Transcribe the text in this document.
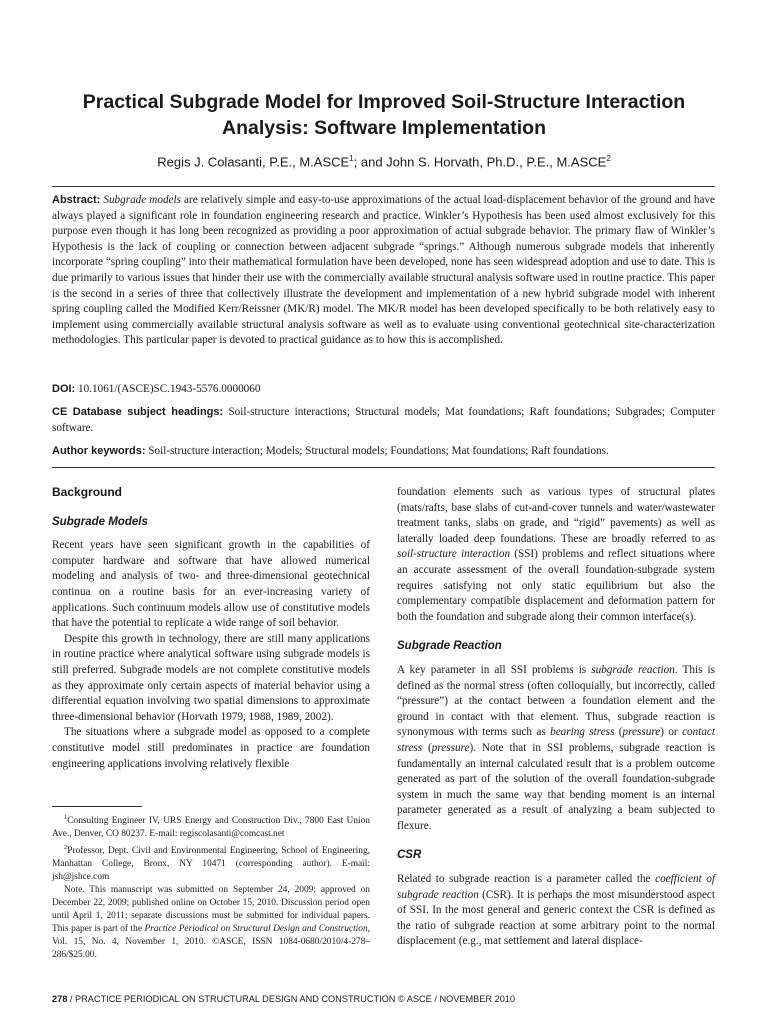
Practical Subgrade Model for Improved Soil-Structure Interaction Analysis: Software Implementation
Regis J. Colasanti, P.E., M.ASCE$^1$; and John S. Horvath, Ph.D., P.E., M.ASCE$^2$
Abstract: Subgrade models are relatively simple and easy-to-use approximations of the actual load-displacement behavior of the ground and have always played a significant role in foundation engineering research and practice. Winkler’s Hypothesis has been used almost exclusively for this purpose even though it has long been recognized as providing a poor approximation of actual subgrade behavior. The primary flaw of Winkler’s Hypothesis is the lack of coupling or connection between adjacent subgrade “springs.” Although numerous subgrade models that inherently incorporate “spring coupling” into their mathematical formulation have been developed, none has seen widespread adoption and use to date. This is due primarily to various issues that hinder their use with the commercially available structural analysis software used in routine practice. This paper is the second in a series of three that collectively illustrate the development and implementation of a new hybrid subgrade model with inherent spring coupling called the Modified Kerr/Reissner (MK/R) model. The MK/R model has been developed specifically to be both relatively easy to implement using commercially available structural analysis software as well as to evaluate using conventional geotechnical site-characterization methodologies. This particular paper is devoted to practical guidance as to how this is accomplished.
DOI: 10.1061/(ASCE)SC.1943-5576.0000060
CE Database subject headings: Soil-structure interactions; Structural models; Mat foundations; Raft foundations; Subgrades; Computer software.
Author keywords: Soil-structure interaction; Models; Structural models; Foundations; Mat foundations; Raft foundations.
Background
Subgrade Models

Recent years have seen significant growth in the capabilities of computer hardware and software that have allowed numerical modeling and analysis of two- and three-dimensional geotechnical continua on a routine basis for an ever-increasing variety of applications. Such continuum models allow use of constitutive models that have the potential to replicate a wide range of soil behavior.

Despite this growth in technology, there are still many applications in routine practice where analytical software using subgrade models is still preferred. Subgrade models are not complete constitutive models as they approximate only certain aspects of material behavior using a differential equation involving two spatial dimensions to approximate three-dimensional behavior (Horvath 1979, 1988, 1989, 2002).

The situations where a subgrade model as opposed to a complete constitutive model still predominates in practice are foundation engineering applications involving relatively flexible

$^1$Consulting Engineer IV, URS Energy and Construction Div., 7800 East Union Ave., Denver, CO 80237. E-mail: regiscolasanti@comcast.net

$^2$Professor, Dept. Civil and Environmental Engineering, School of Engineering, Manhattan College, Bronx, NY 10471 (corresponding author). E-mail: jsh@jshce.com

Note. This manuscript was submitted on September 24, 2009; approved on December 22, 2009; published online on October 15, 2010. Discussion period open until April 1, 2011; separate discussions must be submitted for individual papers. This paper is part of the Practice Periodical on Structural Design and Construction, Vol. 15, No. 4, November 1, 2010. ©ASCE, ISSN 1084-0680/2010/4-278–286/$25.00.

foundation elements such as various types of structural plates (mats/rafts, base slabs of cut-and-cover tunnels and water/wastewater treatment tanks, slabs on grade, and “rigid” pavements) as well as laterally loaded deep foundations. These are broadly referred to as soil-structure interaction (SSI) problems and reflect situations where an accurate assessment of the overall foundation-subgrade system requires satisfying not only static equilibrium but also the complementary compatible displacement and deformation pattern for both the foundation and subgrade along their common interface(s).

Subgrade Reaction

A key parameter in all SSI problems is subgrade reaction. This is defined as the normal stress (often colloquially, but incorrectly, called “pressure”) at the contact between a foundation element and the ground in contact with that element. Thus, subgrade reaction is synonymous with terms such as bearing stress (pressure) or contact stress (pressure). Note that in SSI problems, subgrade reaction is fundamentally an internal calculated result that is a problem outcome generated as part of the solution of the overall foundation-subgrade system in much the same way that bending moment is an internal parameter generated as a result of analyzing a beam subjected to flexure.

CSR

Related to subgrade reaction is a parameter called the coefficient of subgrade reaction (CSR). It is perhaps the most misunderstood aspect of SSI. In the most general and generic context the CSR is defined as the ratio of subgrade reaction at some arbitrary point to the normal displacement (e.g., mat settlement and lateral displace-

278 / PRACTICE PERIODICAL ON STRUCTURAL DESIGN AND CONSTRUCTION © ASCE / NOVEMBER 2010
